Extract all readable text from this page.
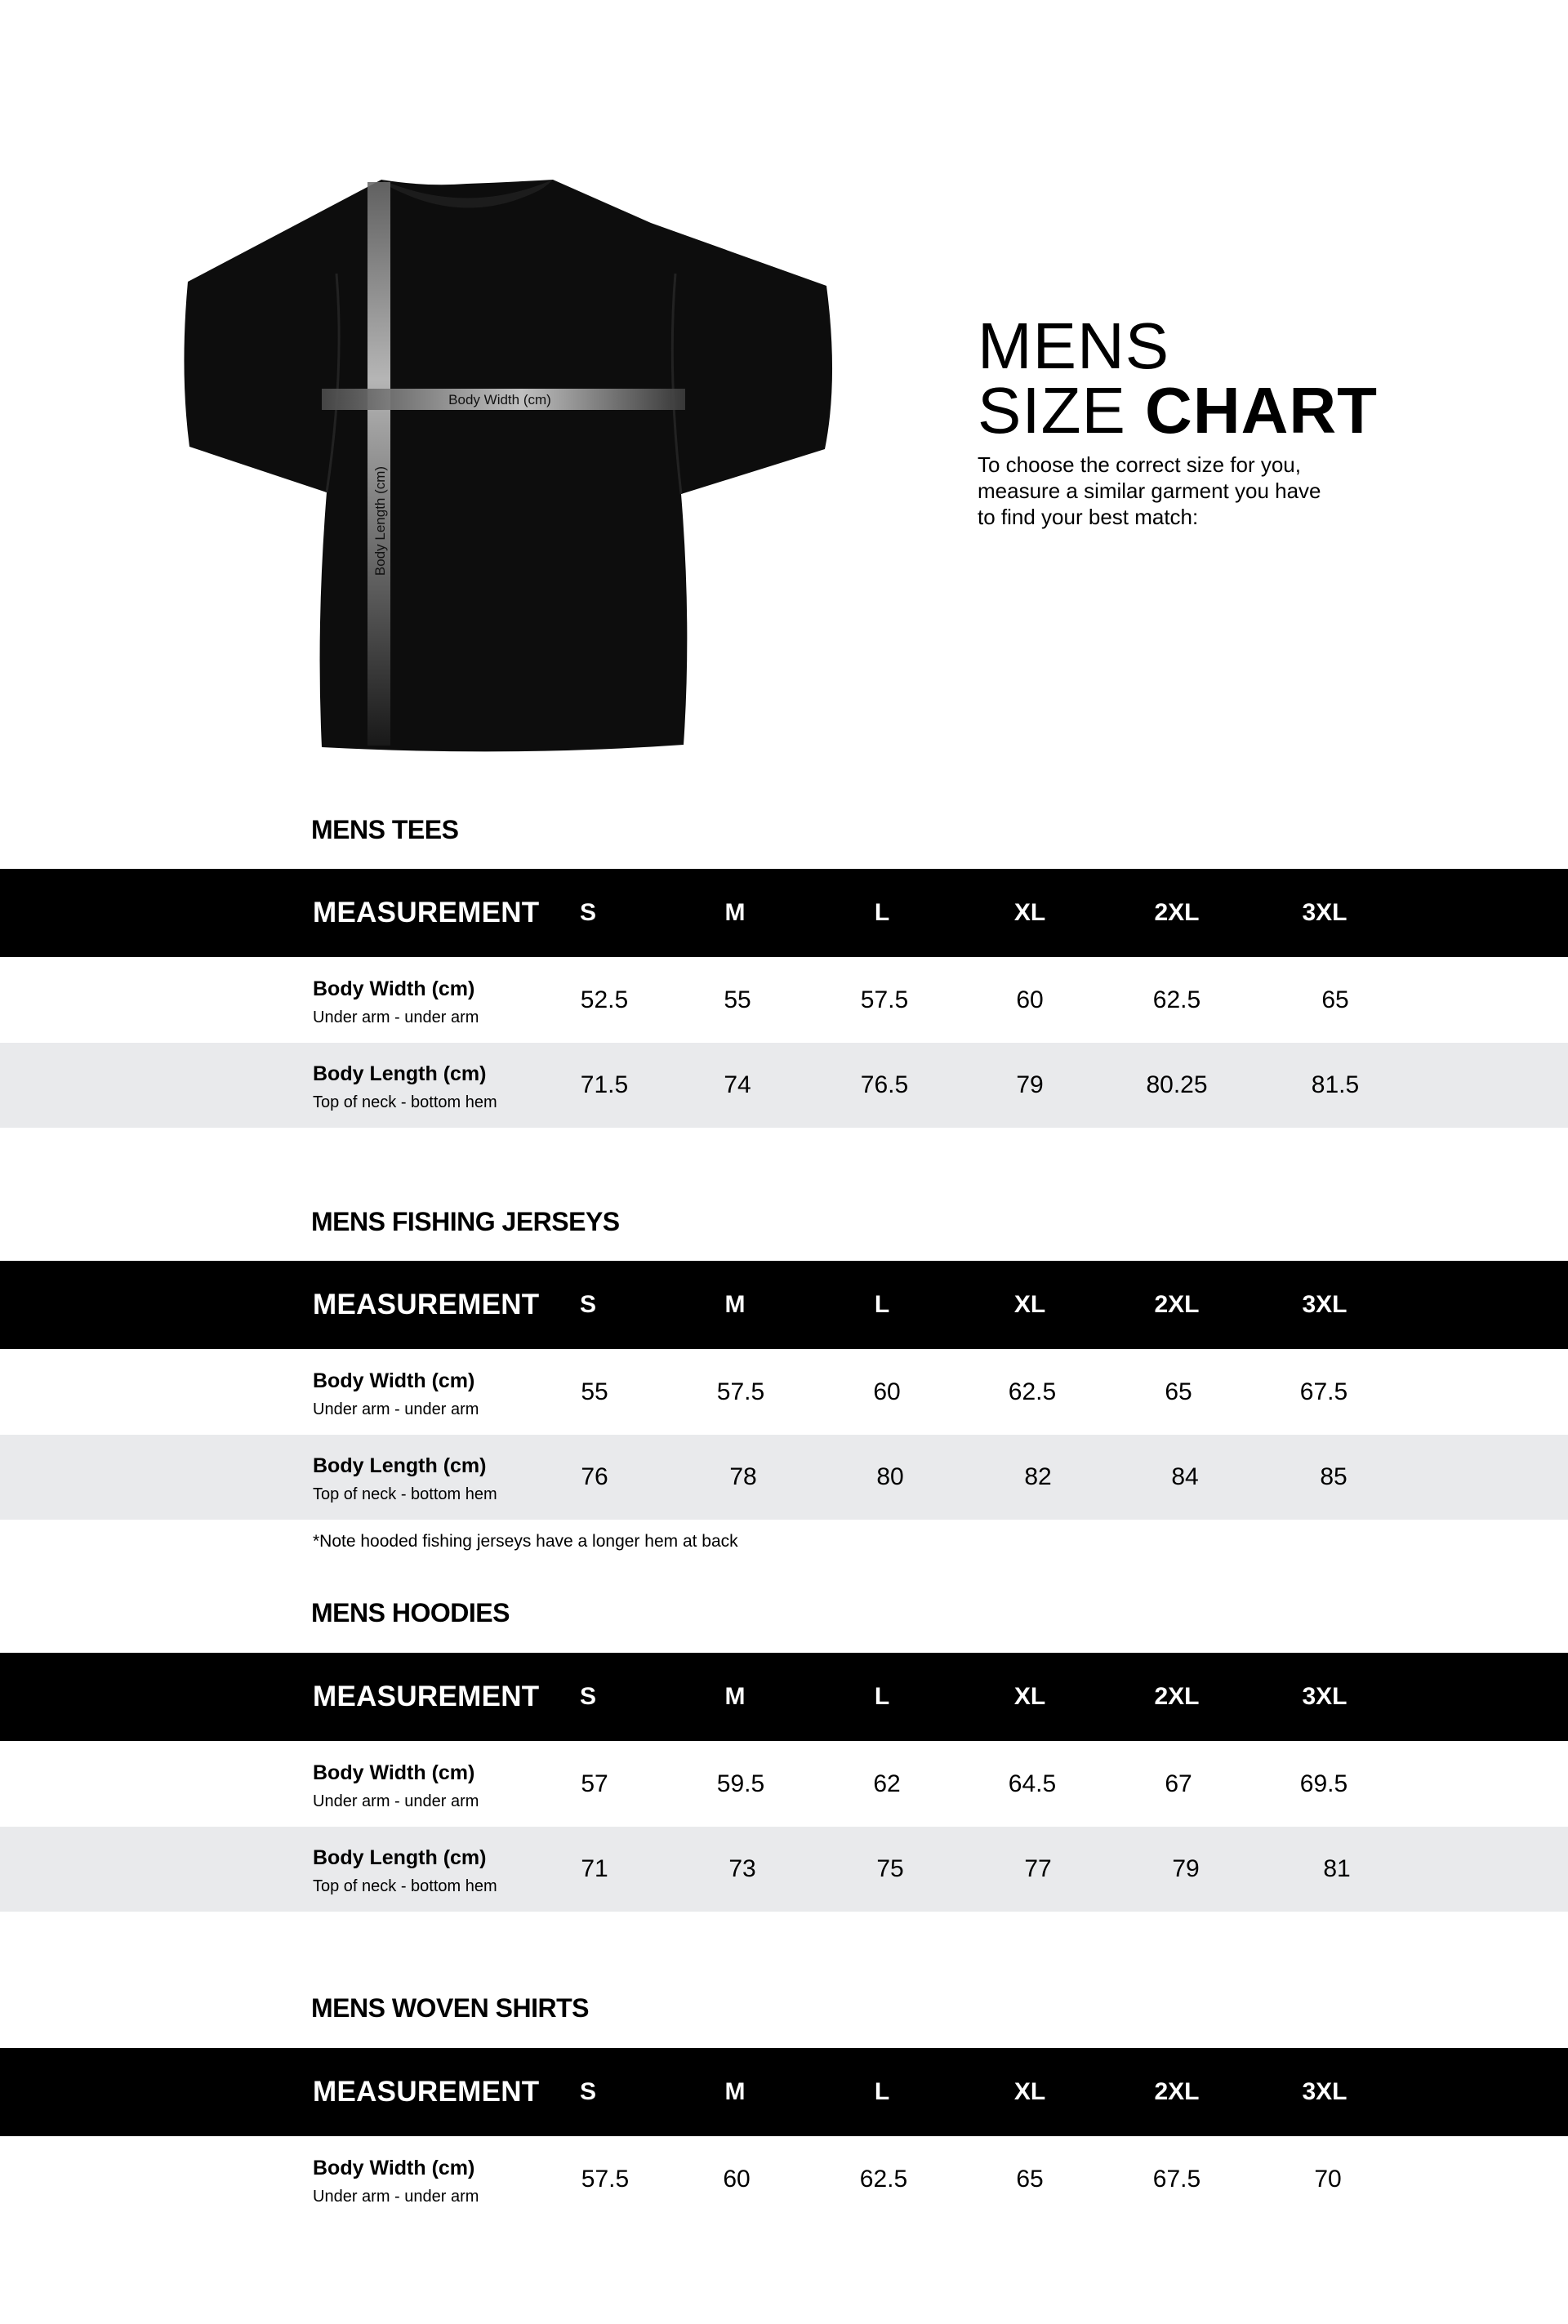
Body Width (cm)
Body Length (cm)
MENS
SIZE CHART
To choose the correct size for you,
measure a similar garment you have
to find your best match:
MENS TEES
MEASUREMENT S	M	L	XL	2XL	3XL
Body Width (cm)
Under arm - under arm
52.5	55	57.5	60	62.5	65
Body Length (cm)
Top of neck - bottom hem
71.5	74	76.5	79	80.25	81.5
MENS FISHING JERSEYS
MEASUREMENT S	M	L	XL	2XL	3XL
Body Width (cm)
Under arm - under arm
55	57.5	60	62.5	65	67.5
Body Length (cm)
Top of neck - bottom hem
76	78	80	82	84	85
*Note hooded fishing jerseys have a longer hem at back
MENS HOODIES
MEASUREMENT S	M	L	XL	2XL	3XL
Body Width (cm)
Under arm - under arm
57	59.5	62	64.5	67	69.5
Body Length (cm)
Top of neck - bottom hem
71	73	75	77	79	81
MENS WOVEN SHIRTS
MEASUREMENT S	M	L	XL	2XL	3XL
Body Width (cm)
Under arm - under arm
57.5	60	62.5	65	67.5	70
